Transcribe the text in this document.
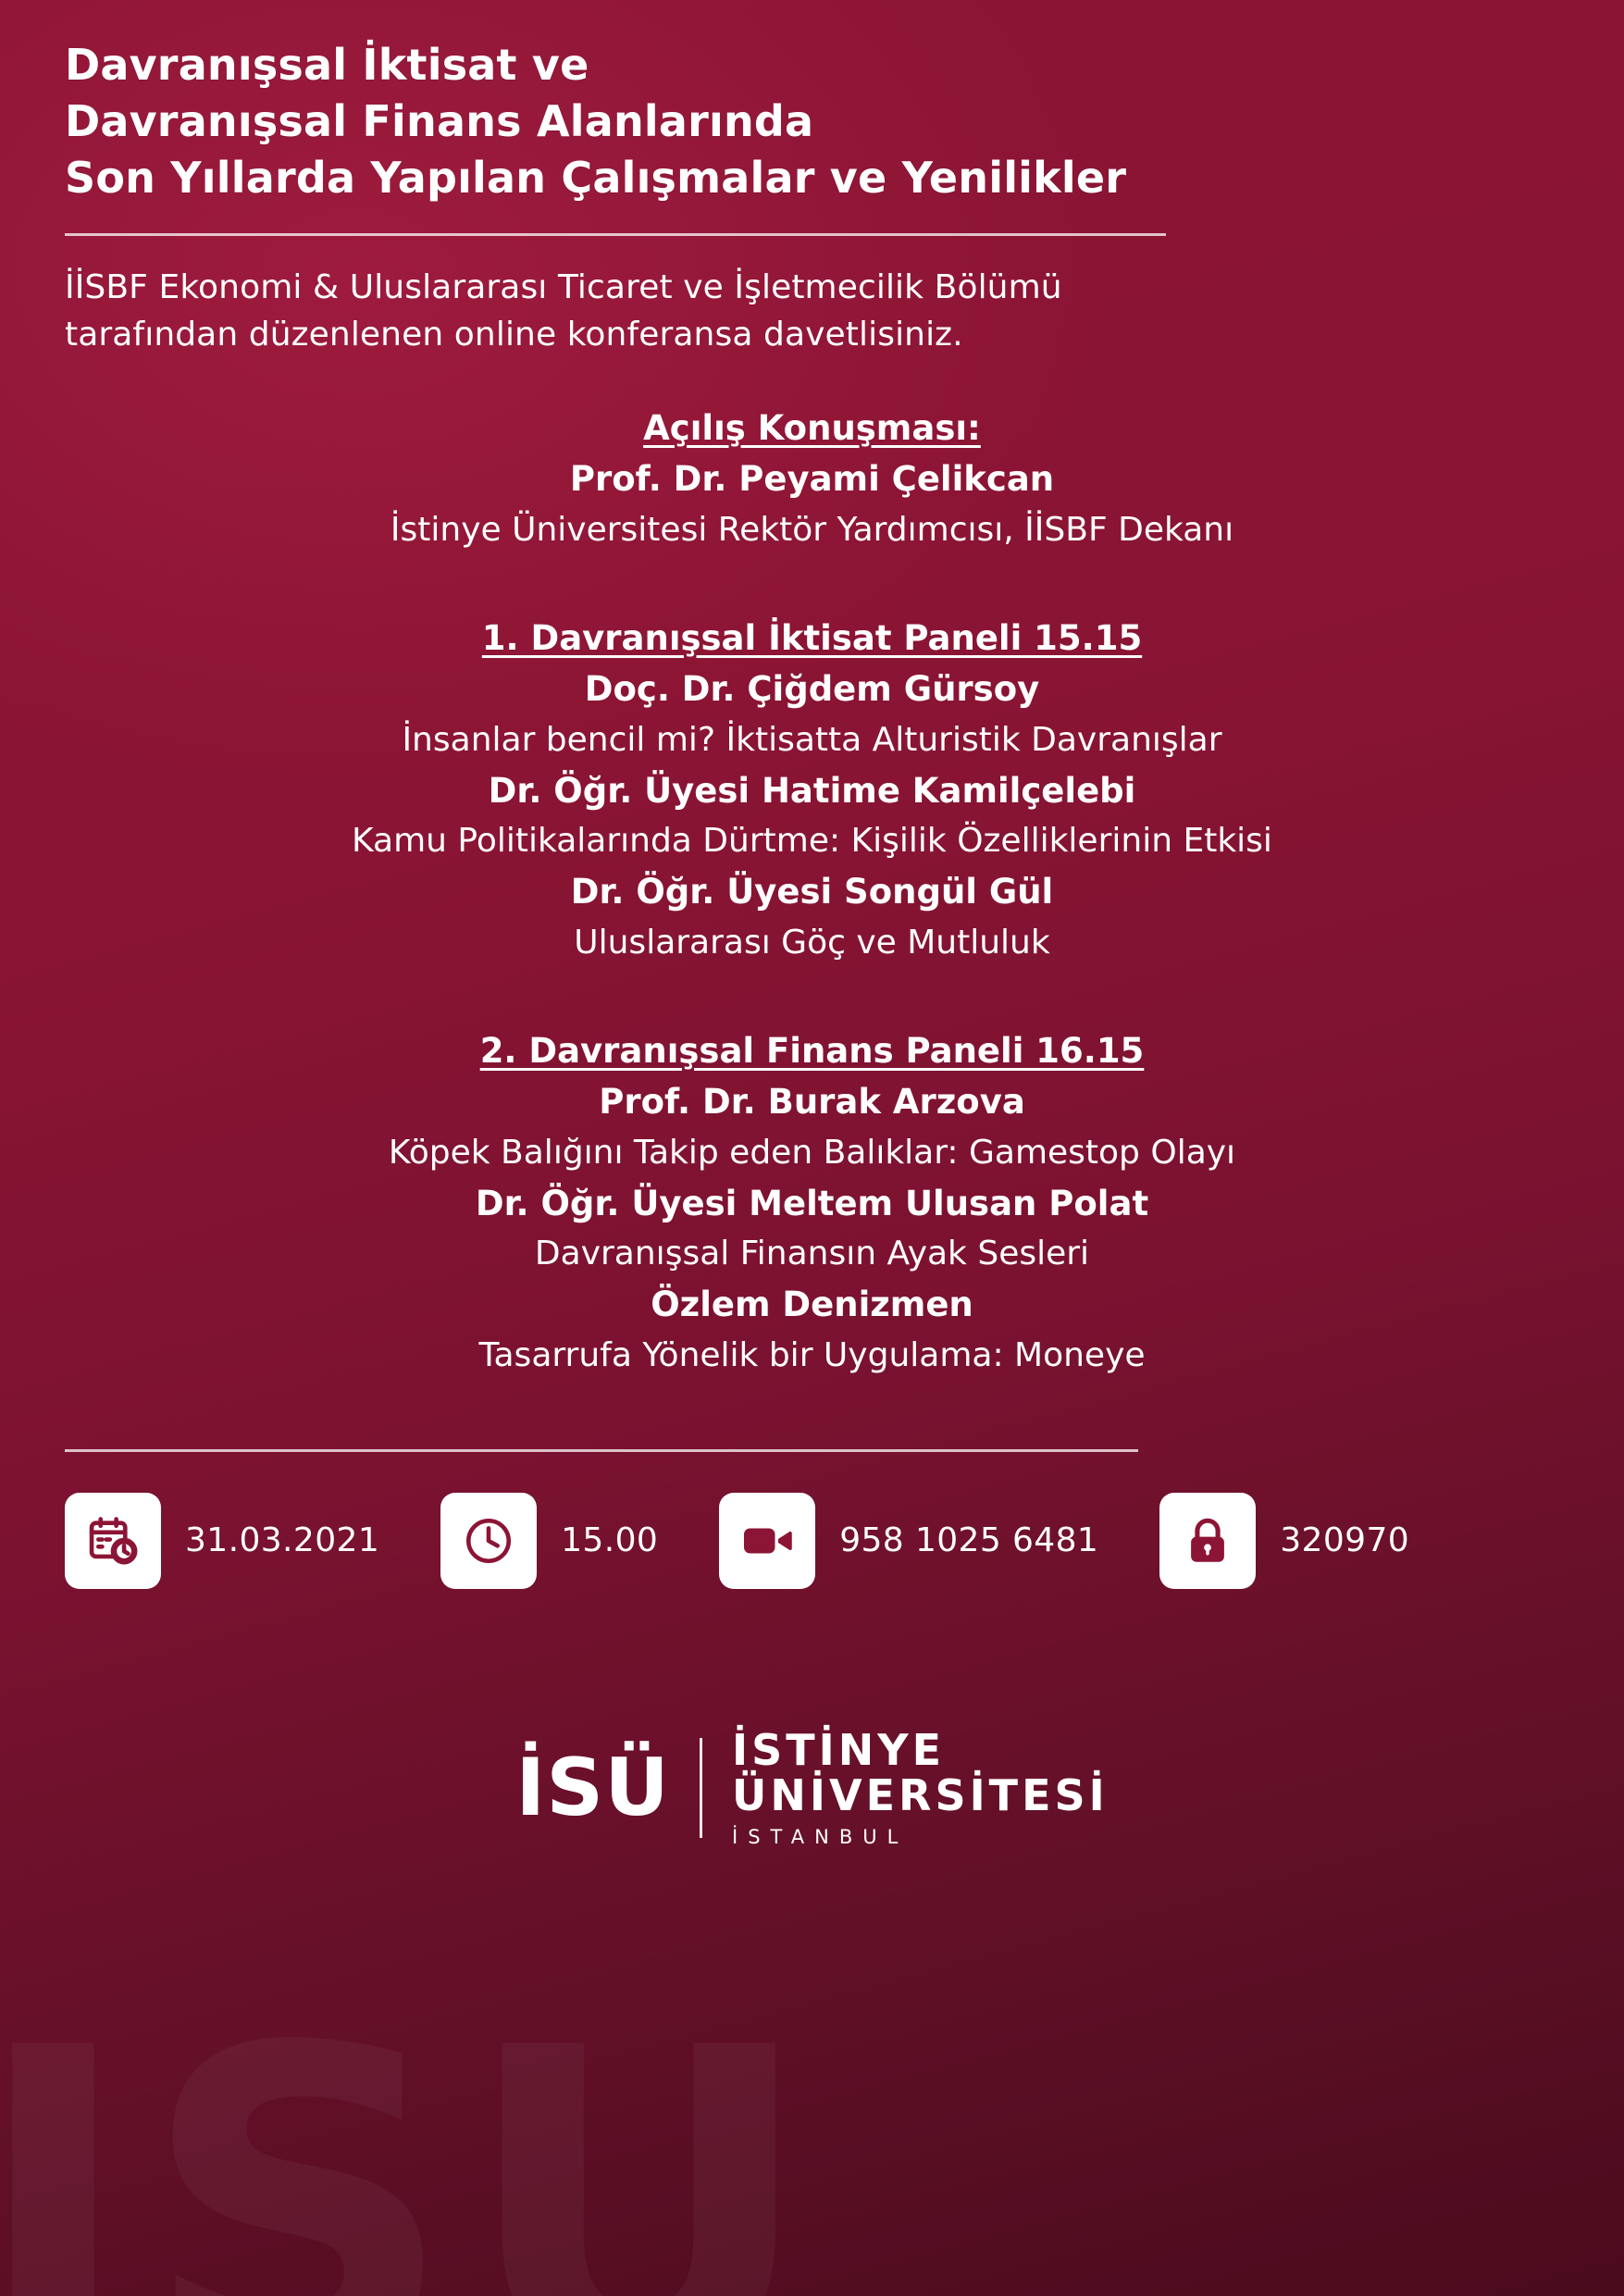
Davranışsal İktisat ve
Davranışsal Finans Alanlarında
Son Yıllarda Yapılan Çalışmalar ve Yenilikler
İİSBF Ekonomi & Uluslararası Ticaret ve İşletmecilik Bölümü
tarafından düzenlenen online konferansa davetlisiniz.
Açılış Konuşması:
Prof. Dr. Peyami Çelikcan
İstinye Üniversitesi Rektör Yardımcısı, İİSBF Dekanı
1. Davranışsal İktisat Paneli 15.15
Doç. Dr. Çiğdem Gürsoy
İnsanlar bencil mi? İktisatta Alturistik Davranışlar
Dr. Öğr. Üyesi Hatime Kamilçelebi
Kamu Politikalarında Dürtme: Kişilik Özelliklerinin Etkisi
Dr. Öğr. Üyesi Songül Gül
Uluslararası Göç ve Mutluluk
2. Davranışsal Finans Paneli 16.15
Prof. Dr. Burak Arzova
Köpek Balığını Takip eden Balıklar: Gamestop Olayı
Dr. Öğr. Üyesi Meltem Ulusan Polat
Davranışsal Finansın Ayak Sesleri
Özlem Denizmen
Tasarrufa Yönelik bir Uygulama: Moneye
31.03.2021	15.00	958 1025 6481	320970
İSÜ	İSTİNYE
ÜNİVERSİTESİ
İSTANBUL
